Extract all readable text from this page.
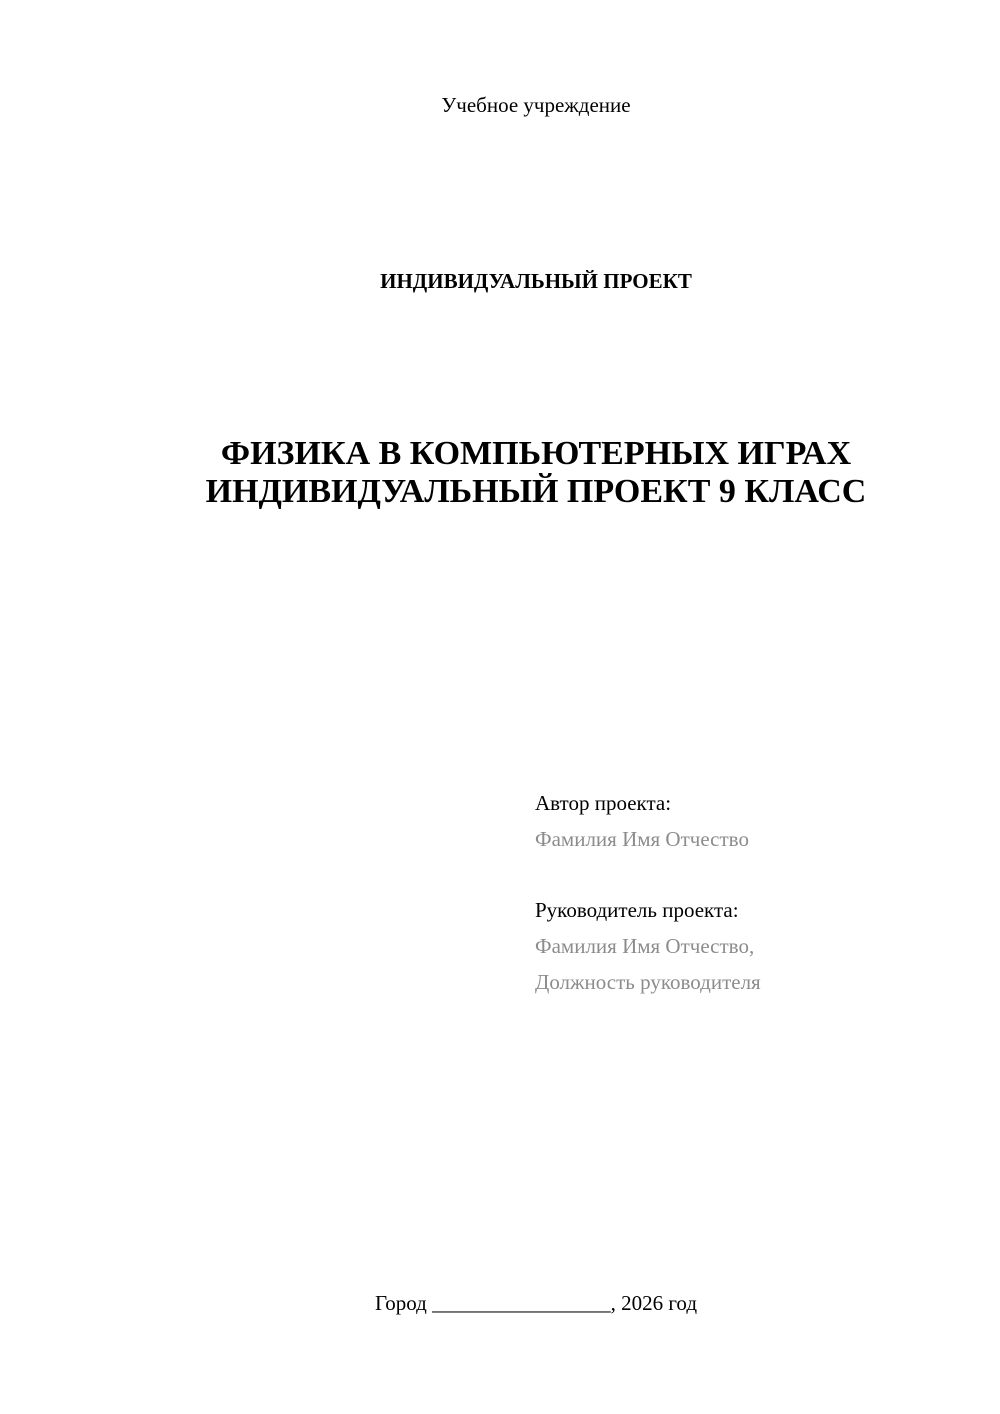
Учебное учреждение
ИНДИВИДУАЛЬНЫЙ ПРОЕКТ
ФИЗИКА В КОМПЬЮТЕРНЫХ ИГРАХ
ИНДИВИДУАЛЬНЫЙ ПРОЕКТ 9 КЛАСС
Автор проекта:
Фамилия Имя Отчество
Руководитель проекта:
Фамилия Имя Отчество,
Должность руководителя
Город _________________, 2026 год
